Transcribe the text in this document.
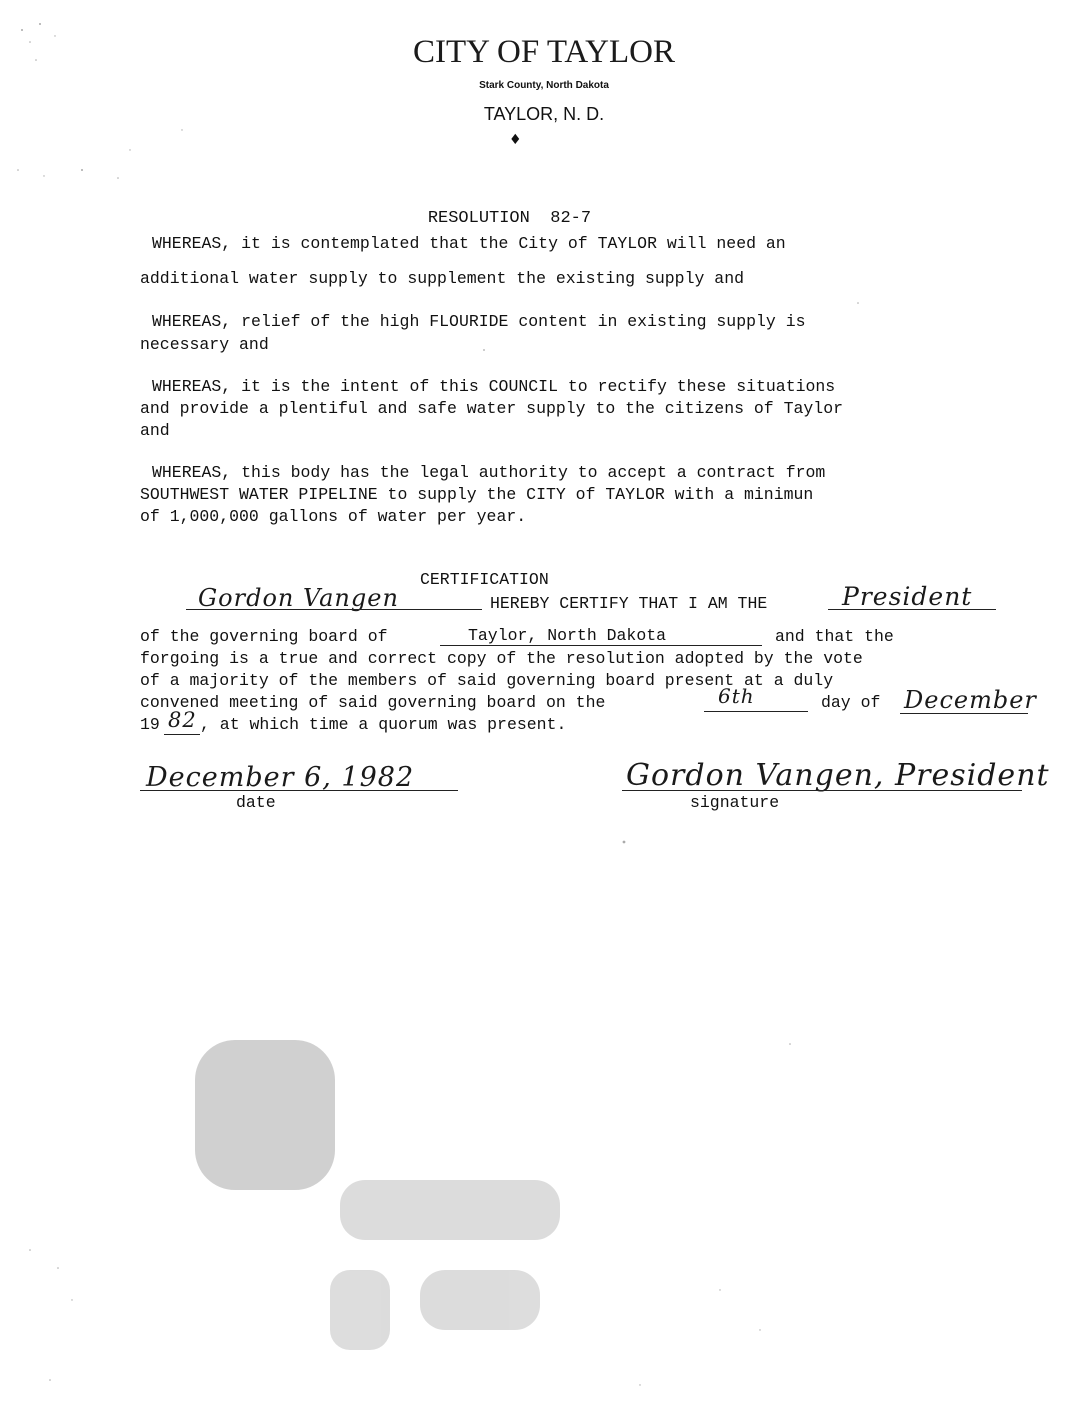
CITY OF TAYLOR
Stark County, North Dakota
TAYLOR, N. D.
♦

RESOLUTION 82-7

WHEREAS, it is contemplated that the City of TAYLOR will need an
additional water supply to supplement the existing supply and
WHEREAS, relief of the high FLOURIDE content in existing supply is
necessary and
WHEREAS, it is the intent of this COUNCIL to rectify these situations
and provide a plentiful and safe water supply to the citizens of Taylor
and
WHEREAS, this body has the legal authority to accept a contract from
SOUTHWEST WATER PIPELINE to supply the CITY of TAYLOR with a minimun
of 1,000,000 gallons of water per year.
CERTIFICATION
Gordon Vangen	HEREBY CERTIFY THAT I AM THE	President
of the governing board of	Taylor, North Dakota	and that the
forgoing is a true and correct copy of the resolution adopted by the vote
of a majority of the members of said governing board present at a duly
convened meeting of said governing board on the	6th	day of December
19 82 , at which time a quorum was present.
December 6, 1982
date
Gordon Vangen, President
signature
